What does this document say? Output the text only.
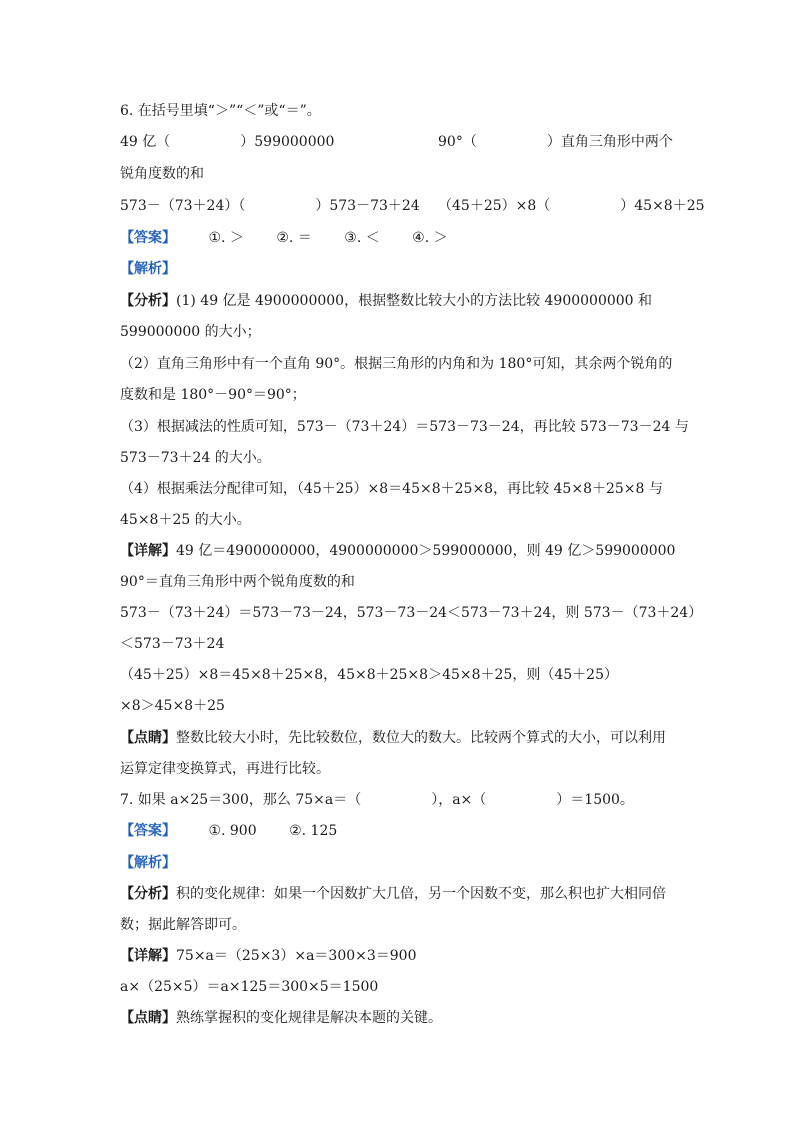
6. 在括号里填“＞”“＜”或“＝”。
49 亿（　　　　　）599000000	90°（　　　　　）直角三角形中两个
锐角度数的和
573－（73＋24）（　　　　　）573－73＋24 （45＋25）×8（　　　　　）45×8＋25
【答案】 ①. ＞ ②. ＝ ③. ＜ ④. ＞
【解析】
【分析】(1) 49 亿是 4900000000，根据整数比较大小的方法比较 4900000000 和
599000000 的大小；
（2）直角三角形中有一个直角 90°。根据三角形的内角和为 180°可知，其余两个锐角的
度数和是 180°－90°＝90°；
（3）根据减法的性质可知，573－（73＋24）＝573－73－24，再比较 573－73－24 与
573－73＋24 的大小。
（4）根据乘法分配律可知，（45＋25）×8＝45×8＋25×8，再比较 45×8＋25×8 与
45×8＋25 的大小。
【详解】49 亿＝4900000000，4900000000＞599000000，则 49 亿＞599000000
90°＝直角三角形中两个锐角度数的和
573－（73＋24）＝573－73－24，573－73－24＜573－73＋24，则 573－（73＋24）
＜573－73＋24
（45＋25）×8＝45×8＋25×8，45×8＋25×8＞45×8＋25，则（45＋25）
×8＞45×8＋25
【点睛】整数比较大小时，先比较数位，数位大的数大。比较两个算式的大小，可以利用
运算定律变换算式，再进行比较。
7. 如果 a×25＝300，那么 75×a＝（　　　　　），a×（　　　　　）＝1500。
【答案】 ①. 900 ②. 125
【解析】
【分析】积的变化规律：如果一个因数扩大几倍，另一个因数不变，那么积也扩大相同倍
数；据此解答即可。
【详解】75×a＝（25×3）×a＝300×3＝900
a×（25×5）＝a×125＝300×5＝1500
【点睛】熟练掌握积的变化规律是解决本题的关键。
